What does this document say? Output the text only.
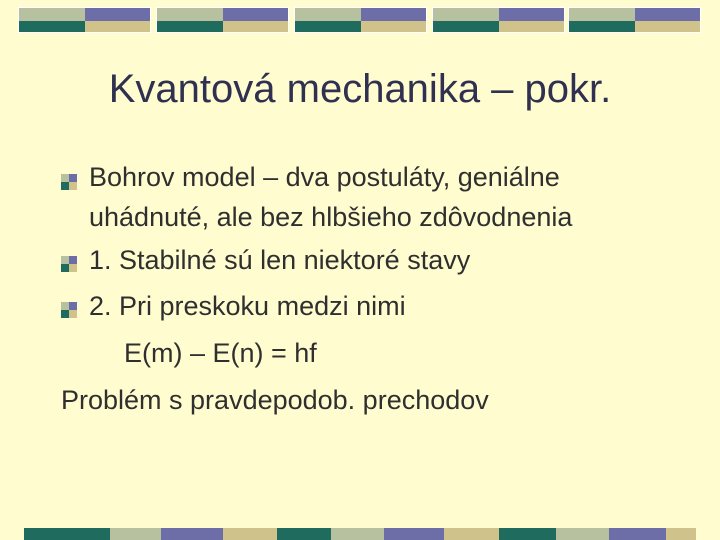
Kvantová mechanika – pokr.
Bohrov model – dva postuláty, geniálne
uhádnuté, ale bez hlbšieho zdôvodnenia
1. Stabilné sú len niektoré stavy
2. Pri preskoku medzi nimi
E(m) – E(n) = hf
Problém s pravdepodob. prechodov
